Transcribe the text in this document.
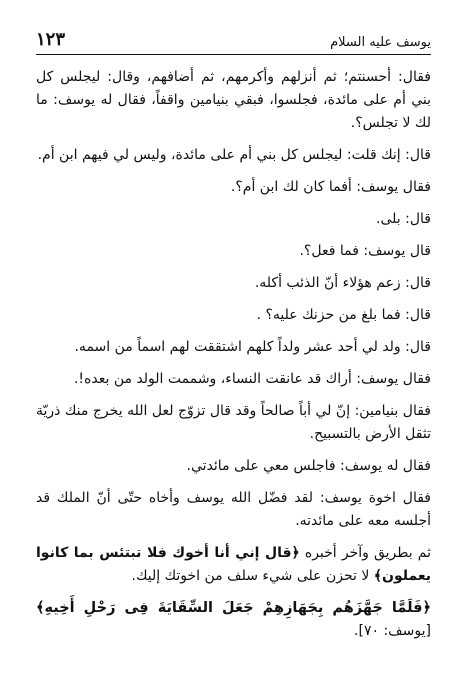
يوسف عليه السلام
١٢٣

فقال: أحسنتم؛ ثم أنزلهم وأكرمهم، ثم أضافهم، وقال: ليجلس كل بني أم على مائدة، فجلسوا، فبقي بنيامين واقفاً، فقال له يوسف: ما لك لا تجلس؟.

قال: إنك قلت: ليجلس كل بني أم على مائدة، وليس لي فيهم ابن أم.

فقال يوسف: أفما كان لك ابن أم؟.

قال: بلى.

قال يوسف: فما فعل؟.

قال: زعم هؤلاء أنّ الذئب أكله.

قال: فما بلغ من حزنك عليه؟ .

قال: ولد لي أحد عشر ولداً كلهم اشتققت لهم اسماً من اسمه.

فقال يوسف: أراك قد عانقت النساء، وشممت الولد من بعده!.

فقال بنيامين: إنّ لي أباً صالحاً وقد قال تزوّج لعل الله يخرج منك ذريّة تثقل الأرض بالتسبيح.

فقال له يوسف: فاجلس معي على مائدتي.

فقال اخوة يوسف: لقد فضّل الله يوسف وأخاه حتّى أنّ الملك قد أجلسه معه على مائدته.

ثم بطريق وآخر أخبره ﴿قال إني أنا أخوك فلا تبتئس بما كانوا يعملون﴾ لا تحزن على شيء سلف من اخوتك إليك.

﴿فَلَمَّا جَهَّزَهُم بِجَهَازِهِمْ جَعَلَ السِّقَايَةَ فِى رَحْلِ أَخِيهِ﴾ [يوسف: ٧٠].
